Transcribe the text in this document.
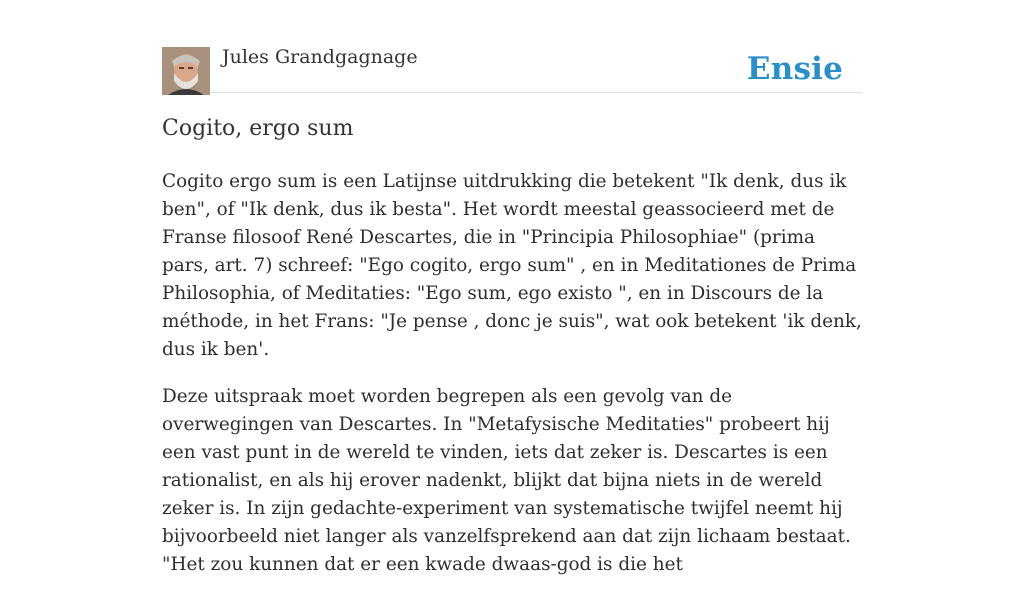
Jules Grandgagnage	Ensie
Cogito, ergo sum

Cogito ergo sum is een Latijnse uitdrukking die betekent "Ik denk, dus ik ben", of "Ik denk, dus ik besta". Het wordt meestal geassocieerd met de Franse filosoof René Descartes, die in "Principia Philosophiae" (prima pars, art. 7) schreef: "Ego cogito, ergo sum" , en in Meditationes de Prima Philosophia, of Meditaties: "Ego sum, ego existo ", en in Discours de la méthode, in het Frans: "Je pense , donc je suis", wat ook betekent 'ik denk, dus ik ben'.

Deze uitspraak moet worden begrepen als een gevolg van de overwegingen van Descartes. In "Metafysische Meditaties" probeert hij een vast punt in de wereld te vinden, iets dat zeker is. Descartes is een rationalist, en als hij erover nadenkt, blijkt dat bijna niets in de wereld zeker is. In zijn gedachte-experiment van systematische twijfel neemt hij bijvoorbeeld niet langer als vanzelfsprekend aan dat zijn lichaam bestaat. "Het zou kunnen dat er een kwade dwaas-god is die het
